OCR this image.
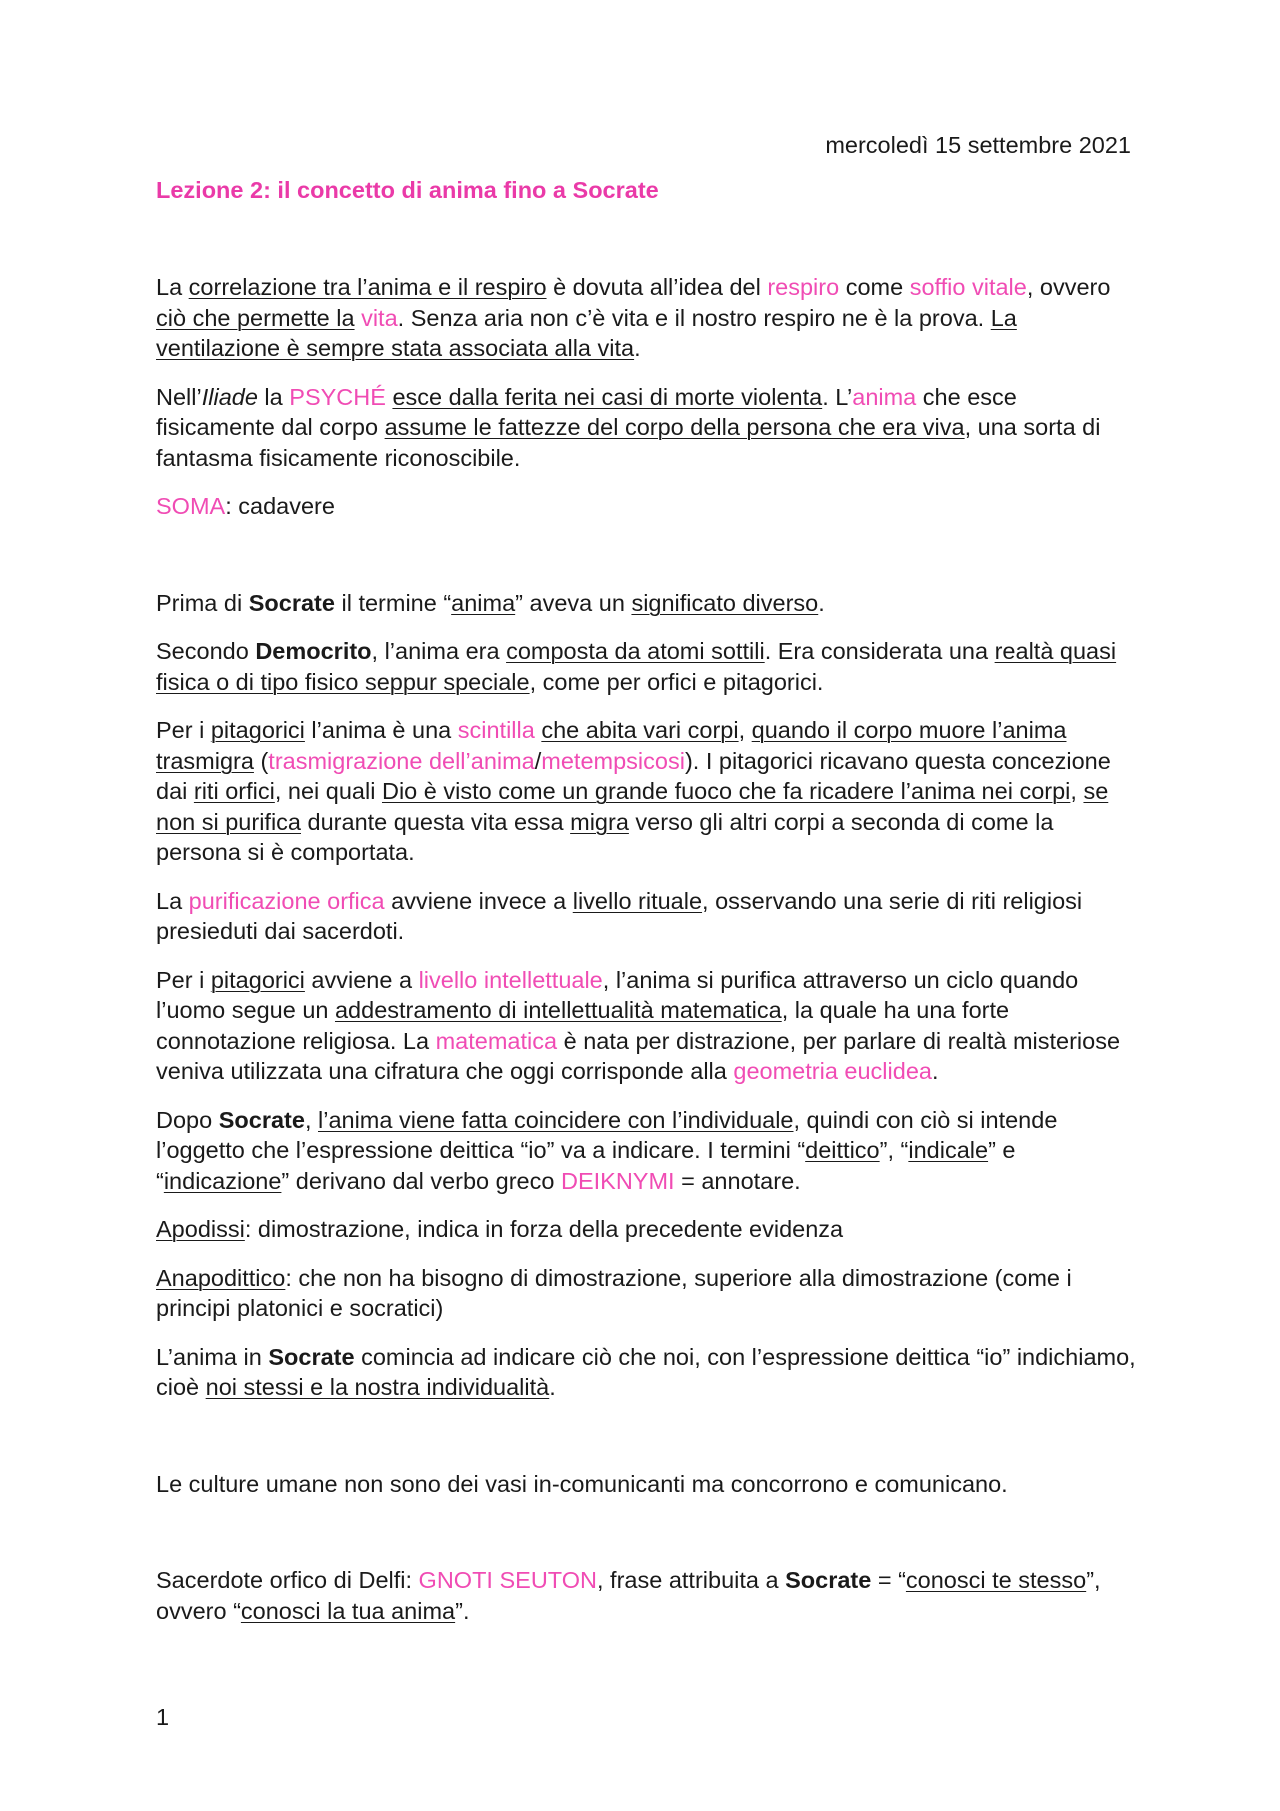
mercoledì 15 settembre 2021
Lezione 2: il concetto di anima fino a Socrate

La correlazione tra l’anima e il respiro è dovuta all’idea del respiro come soffio vitale, ovvero ciò che permette la vita. Senza aria non c’è vita e il nostro respiro ne è la prova. La ventilazione è sempre stata associata alla vita.

Nell’Iliade la PSYCHÉ esce dalla ferita nei casi di morte violenta. L’anima che esce fisicamente dal corpo assume le fattezze del corpo della persona che era viva, una sorta di fantasma fisicamente riconoscibile.

SOMA: cadavere

Prima di Socrate il termine “anima” aveva un significato diverso.

Secondo Democrito, l’anima era composta da atomi sottili. Era considerata una realtà quasi fisica o di tipo fisico seppur speciale, come per orfici e pitagorici.

Per i pitagorici l’anima è una scintilla che abita vari corpi, quando il corpo muore l’anima trasmigra (trasmigrazione dell’anima/metempsicosi). I pitagorici ricavano questa concezione dai riti orfici, nei quali Dio è visto come un grande fuoco che fa ricadere l’anima nei corpi, se non si purifica durante questa vita essa migra verso gli altri corpi a seconda di come la persona si è comportata.

La purificazione orfica avviene invece a livello rituale, osservando una serie di riti religiosi presieduti dai sacerdoti.

Per i pitagorici avviene a livello intellettuale, l’anima si purifica attraverso un ciclo quando l’uomo segue un addestramento di intellettualità matematica, la quale ha una forte connotazione religiosa. La matematica è nata per distrazione, per parlare di realtà misteriose veniva utilizzata una cifratura che oggi corrisponde alla geometria euclidea.

Dopo Socrate, l’anima viene fatta coincidere con l’individuale, quindi con ciò si intende l’oggetto che l’espressione deittica “io” va a indicare. I termini “deittico”, “indicale” e “indicazione” derivano dal verbo greco DEIKNYMI = annotare.

Apodissi: dimostrazione, indica in forza della precedente evidenza

Anapodittico: che non ha bisogno di dimostrazione, superiore alla dimostrazione (come i principi platonici e socratici)

L’anima in Socrate comincia ad indicare ciò che noi, con l’espressione deittica “io” indichiamo, cioè noi stessi e la nostra individualità.

Le culture umane non sono dei vasi in-comunicanti ma concorrono e comunicano.

Sacerdote orfico di Delfi: GNOTI SEUTON, frase attribuita a Socrate = “conosci te stesso”, ovvero “conosci la tua anima”.

1
